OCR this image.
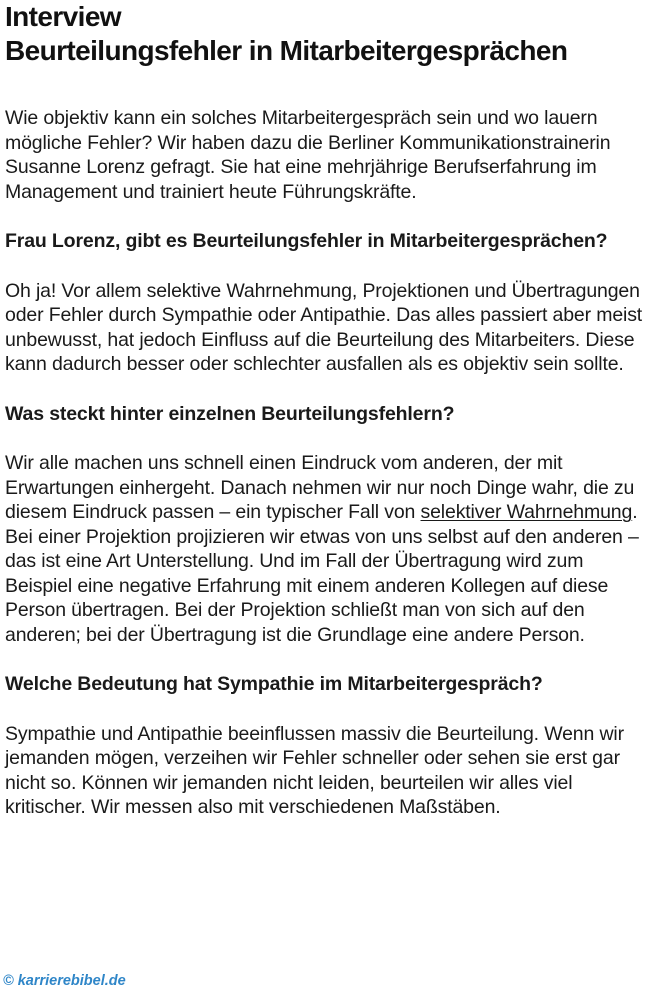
Interview
Beurteilungsfehler in Mitarbeitergesprächen

Wie objektiv kann ein solches Mitarbeitergespräch sein und wo lauern mögliche Fehler? Wir haben dazu die Berliner Kommunikationstrainerin Susanne Lorenz gefragt. Sie hat eine mehrjährige Berufserfahrung im Management und trainiert heute Führungskräfte.

Frau Lorenz, gibt es Beurteilungsfehler in Mitarbeitergesprächen?

Oh ja! Vor allem selektive Wahrnehmung, Projektionen und Übertragungen oder Fehler durch Sympathie oder Antipathie. Das alles passiert aber meist unbewusst, hat jedoch Einfluss auf die Beurteilung des Mitarbeiters. Diese kann dadurch besser oder schlechter ausfallen als es objektiv sein sollte.

Was steckt hinter einzelnen Beurteilungsfehlern?

Wir alle machen uns schnell einen Eindruck vom anderen, der mit Erwartungen einhergeht. Danach nehmen wir nur noch Dinge wahr, die zu diesem Eindruck passen – ein typischer Fall von selektiver Wahrnehmung. Bei einer Projektion projizieren wir etwas von uns selbst auf den anderen – das ist eine Art Unterstellung. Und im Fall der Übertragung wird zum Beispiel eine negative Erfahrung mit einem anderen Kollegen auf diese Person übertragen. Bei der Projektion schließt man von sich auf den anderen; bei der Übertragung ist die Grundlage eine andere Person.

Welche Bedeutung hat Sympathie im Mitarbeitergespräch?

Sympathie und Antipathie beeinflussen massiv die Beurteilung. Wenn wir jemanden mögen, verzeihen wir Fehler schneller oder sehen sie erst gar nicht so. Können wir jemanden nicht leiden, beurteilen wir alles viel kritischer. Wir messen also mit verschiedenen Maßstäben.

© karrierebibel.de
